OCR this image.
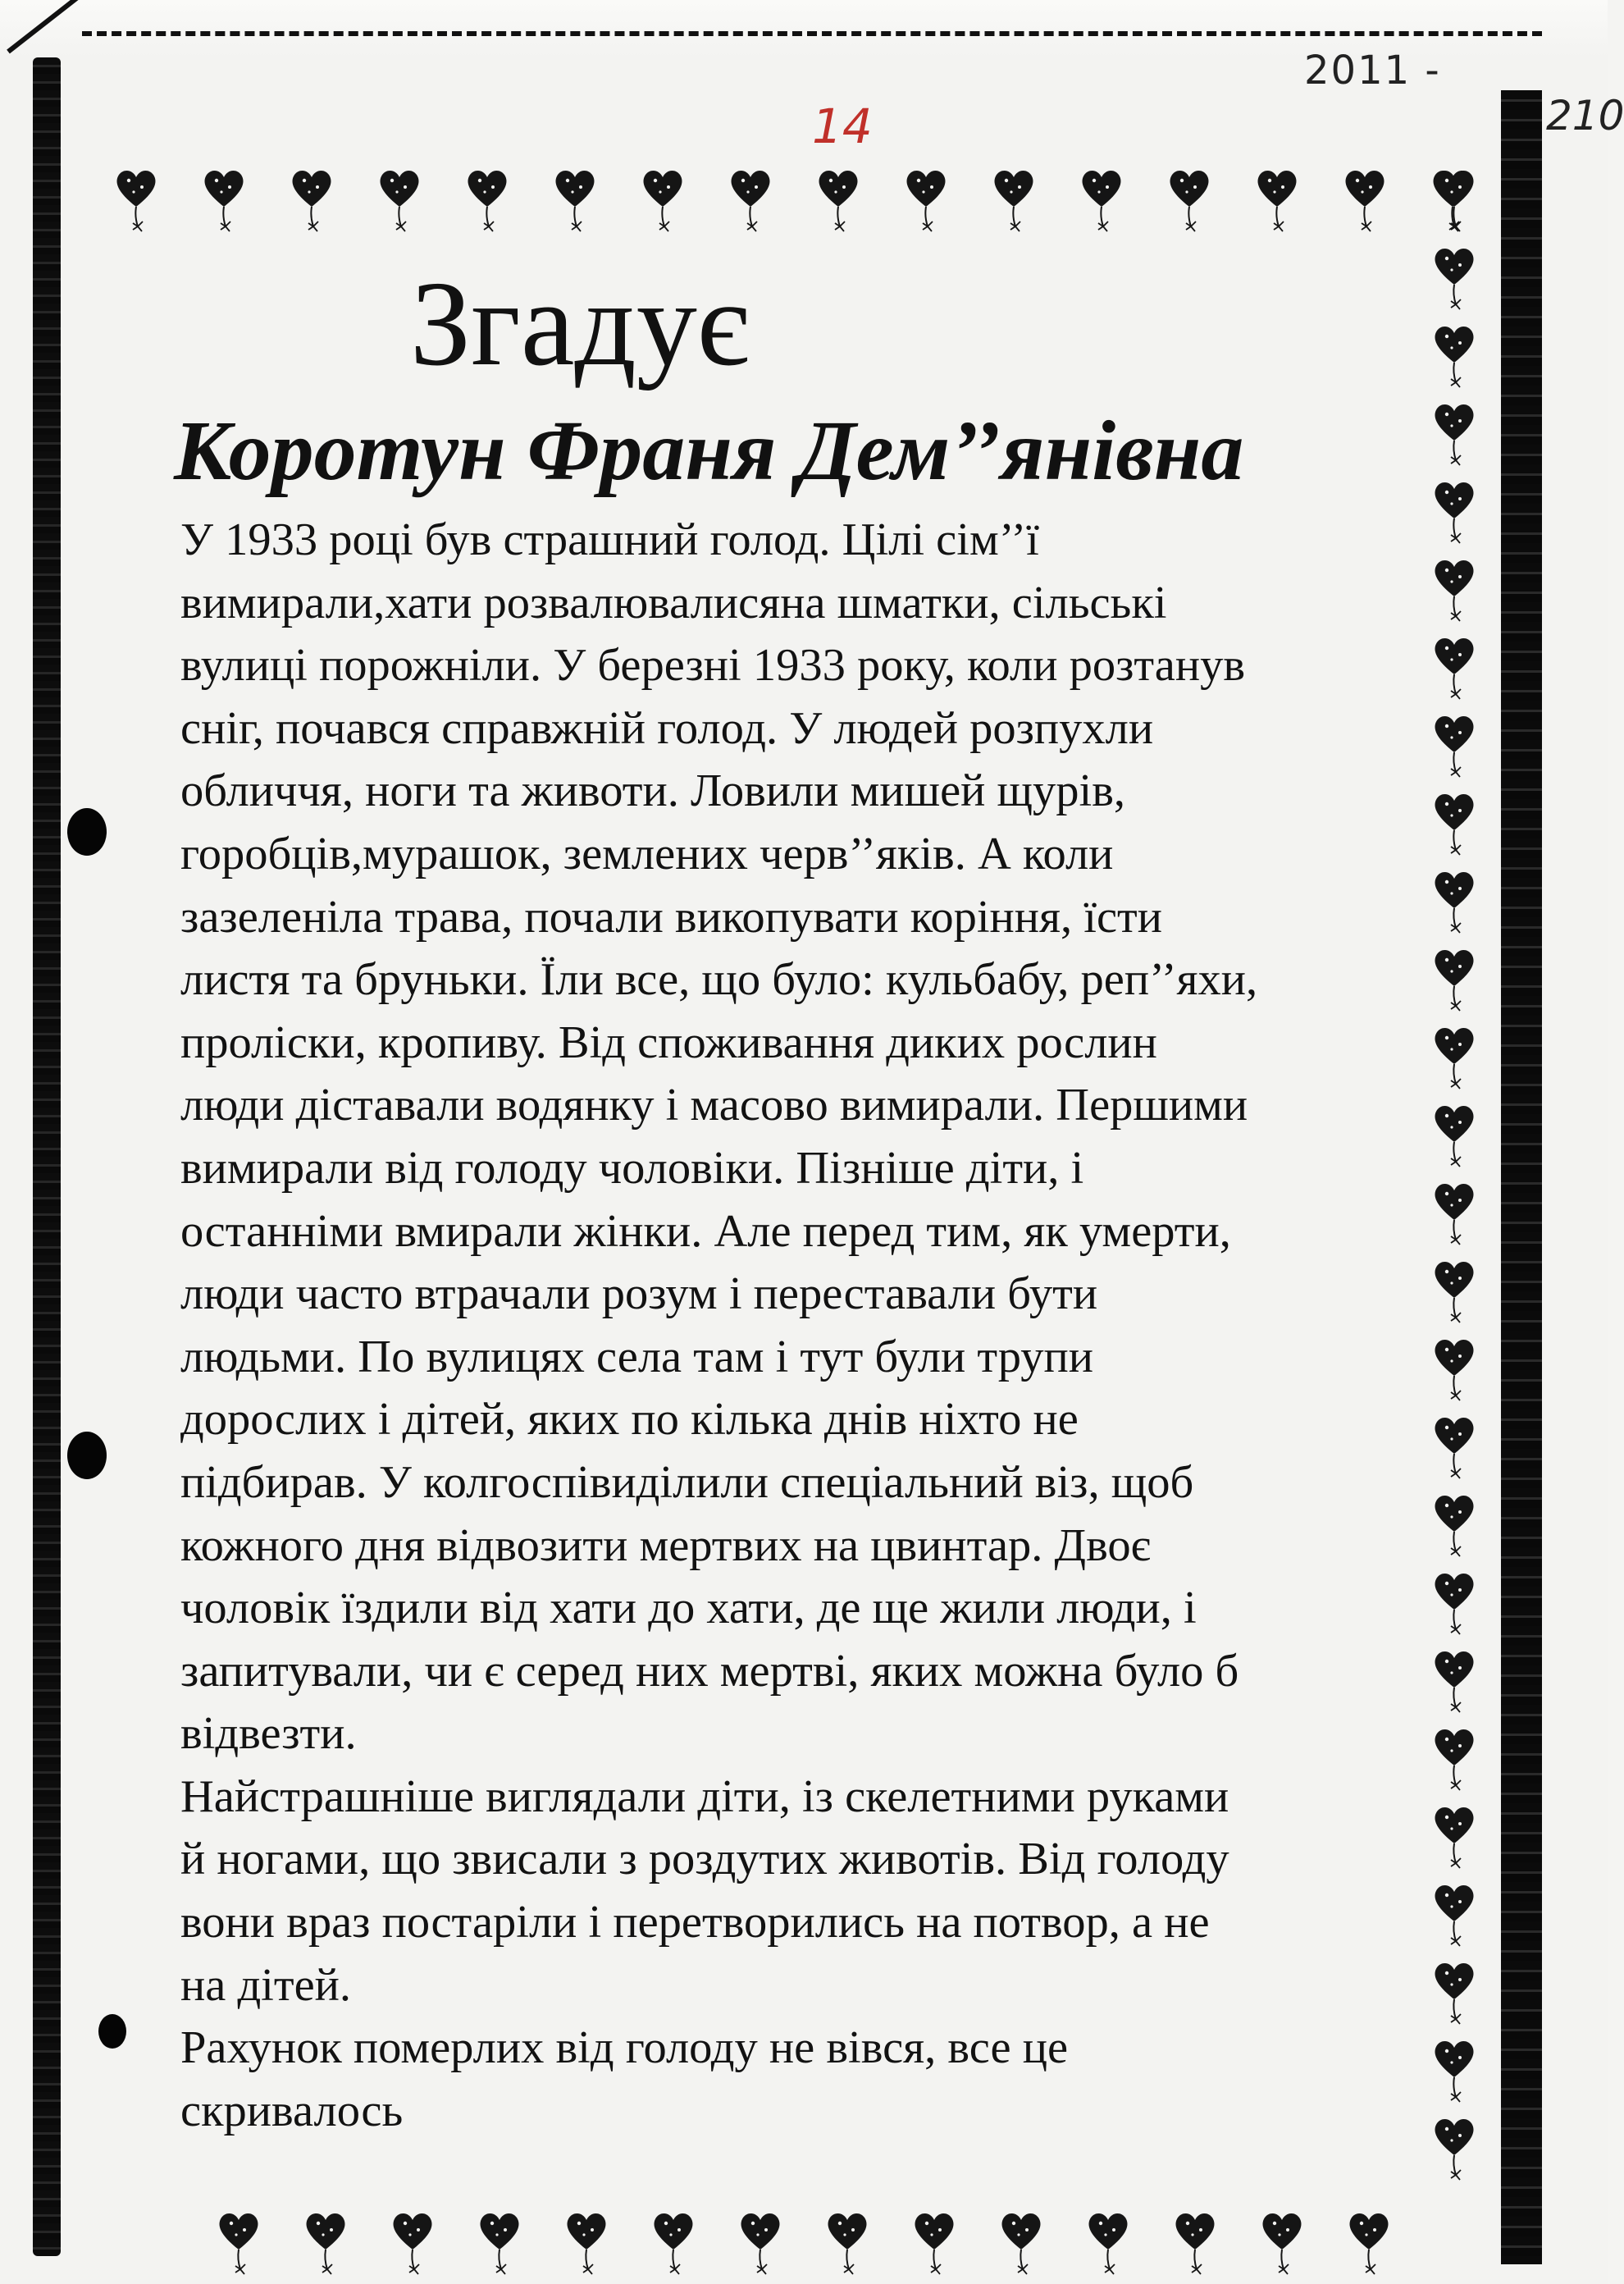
2011 -
210
14
Згадує
Коротун Франя Дем’’янівна
У 1933 році був страшний голод. Цілі сім’’ї
вимирали,хати розвалювалисяна шматки, сільські
вулиці порожніли. У березні 1933 року, коли розтанув
сніг, почався справжній голод. У людей розпухли
обличчя, ноги та животи. Ловили мишей щурів,
горобців,мурашок, землених черв’’яків. А коли
зазеленіла трава, почали викопувати коріння, їсти
листя та бруньки. Їли все, що було: кульбабу, реп’’яхи,
проліски, кропиву. Від споживання диких рослин
люди діставали водянку і масово вимирали. Першими
вимирали від голоду чоловіки. Пізніше діти, і
останніми вмирали жінки. Але перед тим, як умерти,
люди часто втрачали розум і переставали бути
людьми. По вулицях села там і тут були трупи
дорослих і дітей, яких по кілька днів ніхто не
підбирав. У колгоспівиділили спеціальний віз, щоб
кожного дня відвозити мертвих на цвинтар. Двоє
чоловік їздили від хати до хати, де ще жили люди, і
запитували, чи є серед них мертві, яких можна було б
відвезти.
Найстрашніше виглядали діти, із скелетними руками
й ногами, що звисали з роздутих животів. Від голоду
вони враз постаріли і перетворились на потвор, а не
на дітей.
Рахунок померлих від голоду не вівся, все це
скривалось
